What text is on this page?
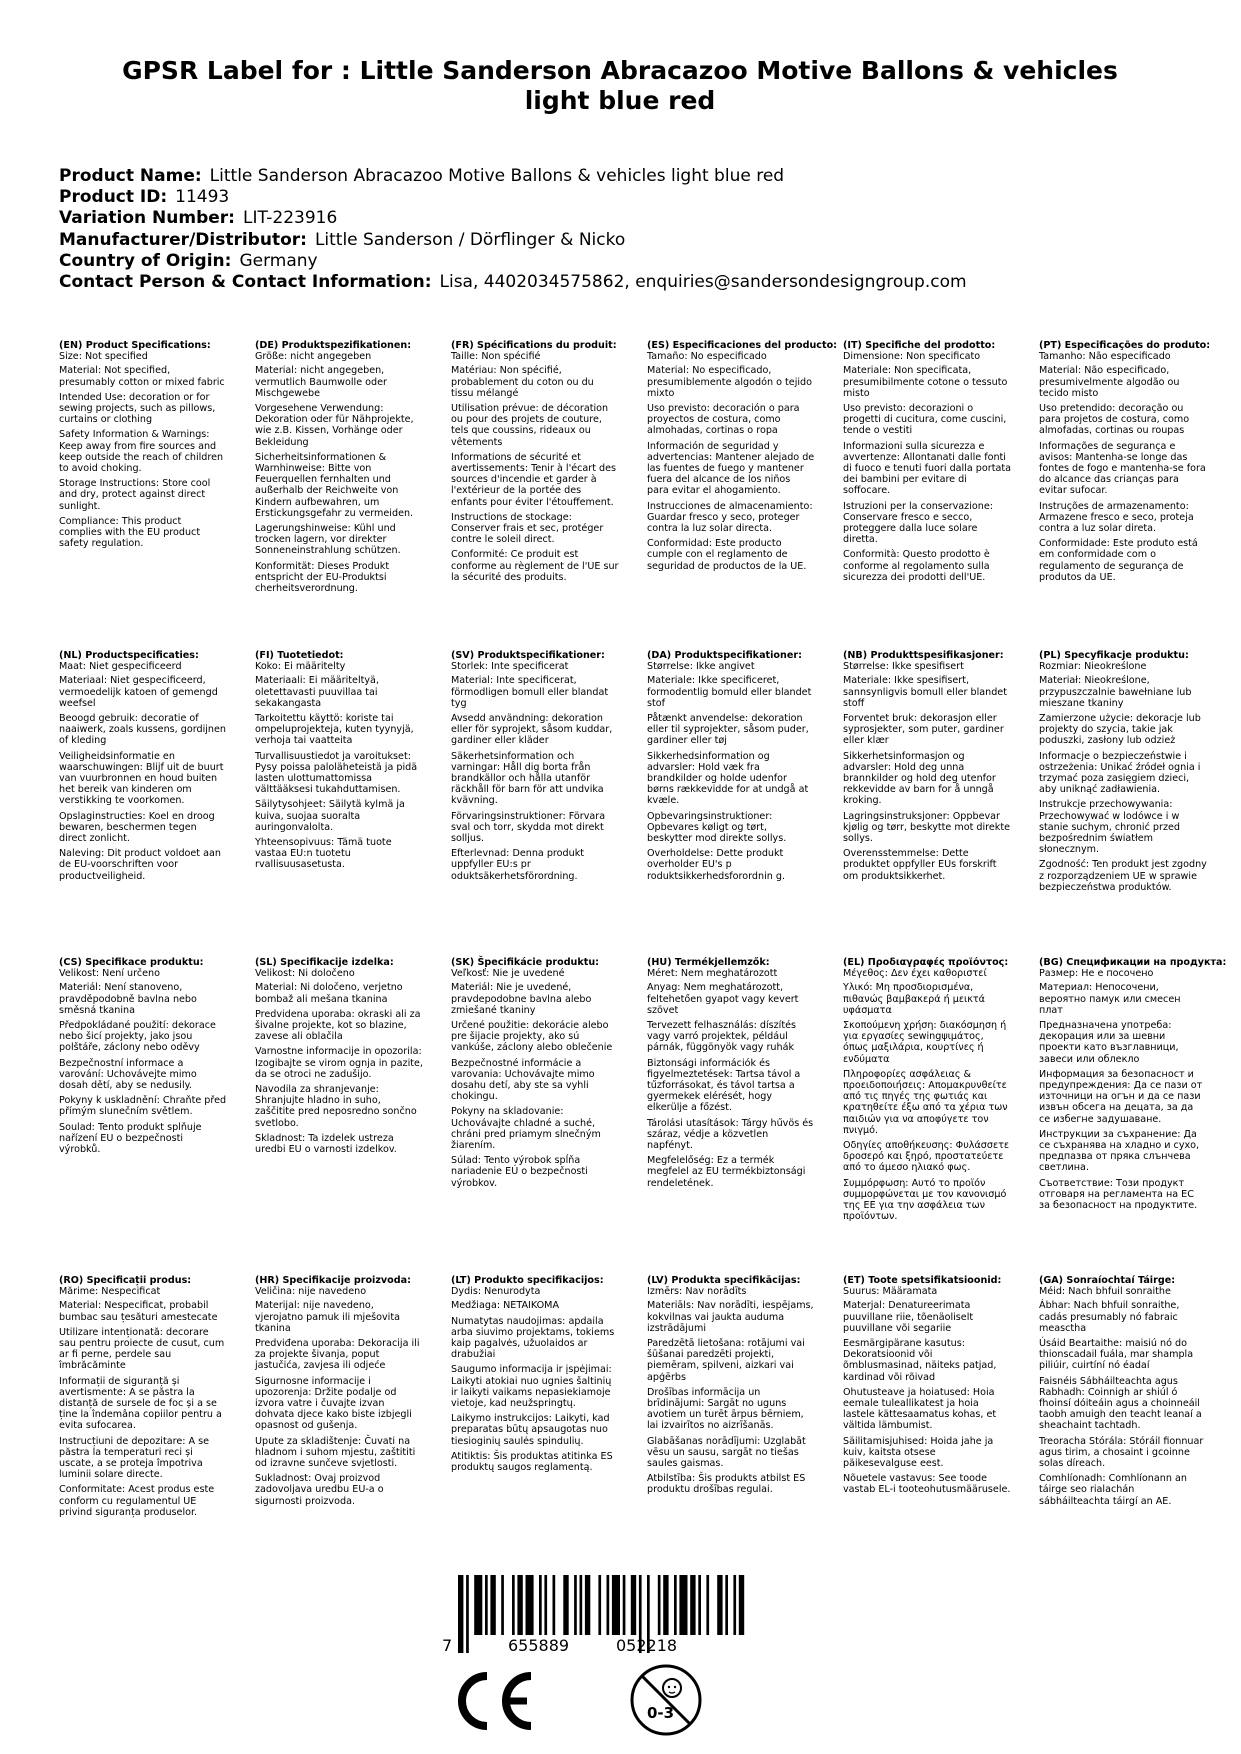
GPSR Label for : Little Sanderson Abracazoo Motive Ballons & vehicles light blue red
Product Name: Little Sanderson Abracazoo Motive Ballons & vehicles light blue red
Product ID: 11493
Variation Number: LIT-223916
Manufacturer/Distributor: Little Sanderson / Dörflinger & Nicko
Country of Origin: Germany
Contact Person & Contact Information: Lisa, 4402034575862, enquiries@sandersondesigngroup.com
(EN) Product Specifications:
Size: Not specified
Material: Not specified, presumably cotton or mixed fabric
Intended Use: decoration or for sewing projects, such as pillows, curtains or clothing
Safety Information & Warnings: Keep away from fire sources and keep outside the reach of children to avoid choking.
Storage Instructions: Store cool and dry, protect against direct sunlight.
Compliance: This product complies with the EU product safety regulation.
(DE) Produktspezifikationen:
Größe: nicht angegeben
Material: nicht angegeben, vermutlich Baumwolle oder Mischgewebe
Vorgesehene Verwendung: Dekoration oder für Nähprojekte, wie z.B. Kissen, Vorhänge oder Bekleidung
Sicherheitsinformationen & Warnhinweise: Bitte von Feuerquellen fernhalten und außerhalb der Reichweite von Kindern aufbewahren, um Erstickungsgefahr zu vermeiden.
Lagerungshinweise: Kühl und trocken lagern, vor direkter Sonneneinstrahlung schützen.
Konformität: Dieses Produkt entspricht der EU-Produktsi cherheitsverordnung.
(FR) Spécifications du produit:
Taille: Non spécifié
Matériau: Non spécifié, probablement du coton ou du tissu mélangé
Utilisation prévue: de décoration ou pour des projets de couture, tels que coussins, rideaux ou vêtements
Informations de sécurité et avertissements: Tenir à l'écart des sources d'incendie et garder à l'extérieur de la portée des enfants pour éviter l'étouffement.
Instructions de stockage: Conserver frais et sec, protéger contre le soleil direct.
Conformité: Ce produit est conforme au règlement de l'UE sur la sécurité des produits.
(ES) Especificaciones del producto:
Tamaño: No especificado
Material: No especificado, presumiblemente algodón o tejido mixto
Uso previsto: decoración o para proyectos de costura, como almohadas, cortinas o ropa
Información de seguridad y advertencias: Mantener alejado de las fuentes de fuego y mantener fuera del alcance de los niños para evitar el ahogamiento.
Instrucciones de almacenamiento: Guardar fresco y seco, proteger contra la luz solar directa.
Conformidad: Este producto cumple con el reglamento de seguridad de productos de la UE.
(IT) Specifiche del prodotto:
Dimensione: Non specificato
Materiale: Non specificata, presumibilmente cotone o tessuto misto
Uso previsto: decorazioni o progetti di cucitura, come cuscini, tende o vestiti
Informazioni sulla sicurezza e avvertenze: Allontanati dalle fonti di fuoco e tenuti fuori dalla portata dei bambini per evitare di soffocare.
Istruzioni per la conservazione: Conservare fresco e secco, proteggere dalla luce solare diretta.
Conformità: Questo prodotto è conforme al regolamento sulla sicurezza dei prodotti dell'UE.
(PT) Especificações do produto:
Tamanho: Não especificado
Material: Não especificado, presumivelmente algodão ou tecido misto
Uso pretendido: decoração ou para projetos de costura, como almofadas, cortinas ou roupas
Informações de segurança e avisos: Mantenha-se longe das fontes de fogo e mantenha-se fora do alcance das crianças para evitar sufocar.
Instruções de armazenamento: Armazene fresco e seco, proteja contra a luz solar direta.
Conformidade: Este produto está em conformidade com o regulamento de segurança de produtos da UE.
(NL) Productspecificaties:
Maat: Niet gespecificeerd
Materiaal: Niet gespecificeerd, vermoedelijk katoen of gemengd weefsel
Beoogd gebruik: decoratie of naaiwerk, zoals kussens, gordijnen of kleding
Veiligheidsinformatie en waarschuwingen: Blijf uit de buurt van vuurbronnen en houd buiten het bereik van kinderen om verstikking te voorkomen.
Opslaginstructies: Koel en droog bewaren, beschermen tegen direct zonlicht.
Naleving: Dit product voldoet aan de EU-voorschriften voor productveiligheid.
(FI) Tuotetiedot:
Koko: Ei määritelty
Materiaali: Ei määriteltyä, oletettavasti puuvillaa tai sekakangasta
Tarkoitettu käyttö: koriste tai ompeluprojekteja, kuten tyynyjä, verhoja tai vaatteita
Turvallisuustiedot ja varoitukset: Pysy poissa paloläheteistä ja pidä lasten ulottumattomissa välttääksesi tukahduttamisen.
Säilytysohjeet: Säilytä kylmä ja kuiva, suojaa suoralta auringonvalolta.
Yhteensopivuus: Tämä tuote vastaa EU:n tuotetu rvallisuusasetusta.
(SV) Produktspecifikationer:
Storlek: Inte specificerat
Material: Inte specificerat, förmodligen bomull eller blandat tyg
Avsedd användning: dekoration eller för syprojekt, såsom kuddar, gardiner eller kläder
Säkerhetsinformation och varningar: Håll dig borta från brandkällor och hålla utanför räckhåll för barn för att undvika kvävning.
Förvaringsinstruktioner: Förvara sval och torr, skydda mot direkt solljus.
Efterlevnad: Denna produkt uppfyller EU:s pr oduktsäkerhetsförordning.
(DA) Produktspecifikationer:
Størrelse: Ikke angivet
Materiale: Ikke specificeret, formodentlig bomuld eller blandet stof
Påtænkt anvendelse: dekoration eller til syprojekter, såsom puder, gardiner eller tøj
Sikkerhedsinformation og advarsler: Hold væk fra brandkilder og holde udenfor børns rækkevidde for at undgå at kvæle.
Opbevaringsinstruktioner: Opbevares køligt og tørt, beskytter mod direkte sollys.
Overholdelse: Dette produkt overholder EU's p roduktsikkerhedsforordnin g.
(NB) Produkttspesifikasjoner:
Størrelse: Ikke spesifisert
Materiale: Ikke spesifisert, sannsynligvis bomull eller blandet stoff
Forventet bruk: dekorasjon eller syprosjekter, som puter, gardiner eller klær
Sikkerhetsinformasjon og advarsler: Hold deg unna brannkilder og hold deg utenfor rekkevidde av barn for å unngå kroking.
Lagringsinstruksjoner: Oppbevar kjølig og tørr, beskytte mot direkte sollys.
Overensstemmelse: Dette produktet oppfyller EUs forskrift om produktsikkerhet.
(PL) Specyfikacje produktu:
Rozmiar: Nieokreślone
Materiał: Nieokreślone, przypuszczalnie bawełniane lub mieszane tkaniny
Zamierzone użycie: dekoracje lub projekty do szycia, takie jak poduszki, zasłony lub odzież
Informacje o bezpieczeństwie i ostrzeżenia: Unikać źródeł ognia i trzymać poza zasięgiem dzieci, aby uniknąć zadławienia.
Instrukcje przechowywania: Przechowywać w lodówce i w stanie suchym, chronić przed bezpośrednim światłem słonecznym.
Zgodność: Ten produkt jest zgodny z rozporządzeniem UE w sprawie bezpieczeństwa produktów.
(CS) Specifikace produktu:
Velikost: Není určeno
Materiál: Není stanoveno, pravděpodobně bavlna nebo směsná tkanina
Předpokládané použití: dekorace nebo šicí projekty, jako jsou polštáře, záclony nebo oděvy
Bezpečnostní informace a varování: Uchovávejte mimo dosah dětí, aby se nedusily.
Pokyny k uskladnění: Chraňte před přímým slunečním světlem.
Soulad: Tento produkt splňuje nařízení EU o bezpečnosti výrobků.
(SL) Specifikacije izdelka:
Velikost: Ni določeno
Material: Ni določeno, verjetno bombaž ali mešana tkanina
Predvidena uporaba: okraski ali za šivalne projekte, kot so blazine, zavese ali oblačila
Varnostne informacije in opozorila: Izogibajte se virom ognja in pazite, da se otroci ne zadušijo.
Navodila za shranjevanje: Shranjujte hladno in suho, zaščitite pred neposredno sončno svetlobo.
Skladnost: Ta izdelek ustreza uredbi EU o varnosti izdelkov.
(SK) Špecifikácie produktu:
Veľkosť: Nie je uvedené
Materiál: Nie je uvedené, pravdepodobne bavlna alebo zmiešané tkaniny
Určené použitie: dekorácie alebo pre šijacie projekty, ako sú vankúše, záclony alebo oblečenie
Bezpečnostné informácie a varovania: Uchovávajte mimo dosahu detí, aby ste sa vyhli chokingu.
Pokyny na skladovanie: Uchovávajte chladné a suché, chráni pred priamym slnečným žiarením.
Súlad: Tento výrobok spĺňa nariadenie EÚ o bezpečnosti výrobkov.
(HU) Termékjellemzők:
Méret: Nem meghatározott
Anyag: Nem meghatározott, feltehetően gyapot vagy kevert szövet
Tervezett felhasználás: díszítés vagy varró projektek, például párnák, függönyök vagy ruhák
Biztonsági információk és figyelmeztetések: Tartsa távol a tűzforrásokat, és távol tartsa a gyermekek elérését, hogy elkerülje a főzést.
Tárolási utasítások: Tárgy hűvös és száraz, védje a közvetlen napfényt.
Megfelelőség: Ez a termék megfelel az EU termékbiztonsági rendeletének.
(EL) Προδιαγραφές προϊόντος:
Μέγεθος: Δεν έχει καθοριστεί
Υλικό: Μη προσδιορισμένα, πιθανώς βαμβακερά ή μεικτά υφάσματα
Σκοπούμενη χρήση: διακόσμηση ή για εργασίες sewingψιμάτος, όπως μαξιλάρια, κουρτίνες ή ενδύματα
Πληροφορίες ασφάλειας & προειδοποιήσεις: Απομακρυνθείτε από τις πηγές της φωτιάς και κρατηθείτε έξω από τα χέρια των παιδιών για να αποφύγετε τον πνιγμό.
Οδηγίες αποθήκευσης: Φυλάσσετε δροσερό και ξηρό, προστατεύετε από το άμεσο ηλιακό φως.
Συμμόρφωση: Αυτό το προϊόν συμμορφώνεται με τον κανονισμό της ΕΕ για την ασφάλεια των προϊόντων.
(BG) Спецификации на продукта:
Размер: Не е посочено
Материал: Непосочени, вероятно памук или смесен плат
Предназначена употреба: декорация или за шевни проекти като възглавници, завеси или облекло
Информация за безопасност и предупреждения: Да се пази от източници на огън и да се пази извън обсега на децата, за да се избегне задушаване.
Инструкции за съхранение: Да се съхранява на хладно и сухо, предпазва от пряка слънчева светлина.
Съответствие: Този продукт отговаря на регламента на ЕС за безопасност на продуктите.
(RO) Specificații produs:
Mărime: Nespecificat
Material: Nespecificat, probabil bumbac sau țesături amestecate
Utilizare intenționată: decorare sau pentru proiecte de cusut, cum ar fi perne, perdele sau îmbrăcăminte
Informații de siguranță și avertismente: A se păstra la distanță de sursele de foc și a se ține la îndemâna copiilor pentru a evita sufocarea.
Instrucțiuni de depozitare: A se păstra la temperaturi reci și uscate, a se proteja împotriva luminii solare directe.
Conformitate: Acest produs este conform cu regulamentul UE privind siguranța produselor.
(HR) Specifikacije proizvoda:
Veličina: nije navedeno
Materijal: nije navedeno, vjerojatno pamuk ili mješovita tkanina
Predviđena uporaba: Dekoracija ili za projekte šivanja, poput jastučića, zavjesa ili odjeće
Sigurnosne informacije i upozorenja: Držite podalje od izvora vatre i čuvajte izvan dohvata djece kako biste izbjegli opasnost od gušenja.
Upute za skladištenje: Čuvati na hladnom i suhom mjestu, zaštititi od izravne sunčeve svjetlosti.
Sukladnost: Ovaj proizvod zadovoljava uredbu EU-a o sigurnosti proizvoda.
(LT) Produkto specifikacijos:
Dydis: Nenurodyta
Medžiaga: NETAIKOMA
Numatytas naudojimas: apdaila arba siuvimo projektams, tokiems kaip pagalvės, užuolaidos ar drabužiai
Saugumo informacija ir įspėjimai: Laikyti atokiai nuo ugnies šaltinių ir laikyti vaikams nepasiekiamoje vietoje, kad neužspringtų.
Laikymo instrukcijos: Laikyti, kad preparatas būtų apsaugotas nuo tiesioginių saulės spindulių.
Atitiktis: Šis produktas atitinka ES produktų saugos reglamentą.
(LV) Produkta specifikācijas:
Izmērs: Nav norādīts
Materiāls: Nav norādīti, iespējams, kokvilnas vai jaukta auduma izstrādājumi
Paredzētā lietošana: rotājumi vai šūšanai paredzēti projekti, piemēram, spilveni, aizkari vai apģērbs
Drošības informācija un brīdinājumi: Sargāt no uguns avotiem un turēt ārpus bērniem, lai izvairītos no aizrīšanās.
Glabāšanas norādījumi: Uzglabāt vēsu un sausu, sargāt no tiešas saules gaismas.
Atbilstība: Šis produkts atbilst ES produktu drošības regulai.
(ET) Toote spetsifikatsioonid:
Suurus: Määramata
Materjal: Denatureerimata puuvillane riie, tõenäoliselt puuvillane või segariie
Eesmärgipärane kasutus: Dekoratsioonid või õmblusmasinad, näiteks patjad, kardinad või rõivad
Ohutusteave ja hoiatused: Hoia eemale tuleallikatest ja hoia lastele kättesaamatus kohas, et vältida lämbumist.
Säilitamisjuhised: Hoida jahe ja kuiv, kaitsta otsese päikesevalguse eest.
Nõuetele vastavus: See toode vastab EL-i tooteohutusmäärusele.
(GA) Sonraíochtaí Táirge:
Méid: Nach bhfuil sonraithe
Ábhar: Nach bhfuil sonraithe, cadás presumably nó fabraic measctha
Úsáid Beartaithe: maisiú nó do thionscadail fuála, mar shampla piliúir, cuirtíní nó éadaí
Faisnéis Sábháilteachta agus Rabhadh: Coinnigh ar shiúl ó fhoinsí dóiteáin agus a choinneáil taobh amuigh den teacht leanaí a sheachaint tachtadh.
Treoracha Stórála: Stóráil fionnuar agus tirim, a chosaint i gcoinne solas díreach.
Comhlíonadh: Comhlíonann an táirge seo rialachán sábháilteachta táirgí an AE.
7	655889	052218
0-3
